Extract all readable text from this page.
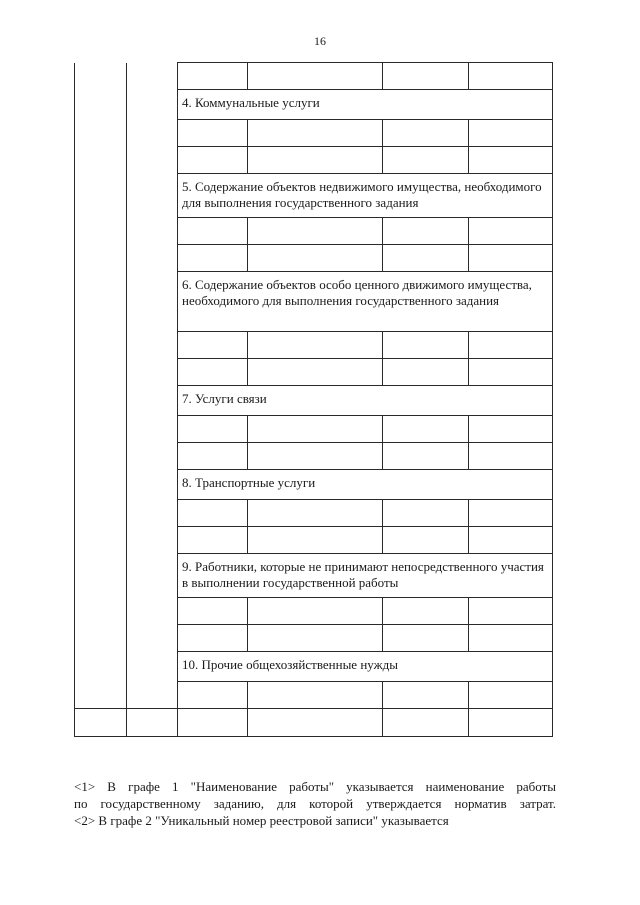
16

		4. Коммунальные услуги			

		5. Содержание объектов недвижимого имущества, необходимого для выполнения государственного задания			

		6. Содержание объектов особо ценного движимого имущества, необходимого для выполнения государственного задания			

		7. Услуги связи			

		8. Транспортные услуги			

		9. Работники, которые не принимают непосредственного участия в выполнении государственной работы			

		10. Прочие общехозяйственные нужды			

<1> В графе 1 "Наименование работы" указывается наименование работы

по государственному заданию, для которой утверждается норматив затрат.

<2> В графе 2 "Уникальный номер реестровой записи" указывается
